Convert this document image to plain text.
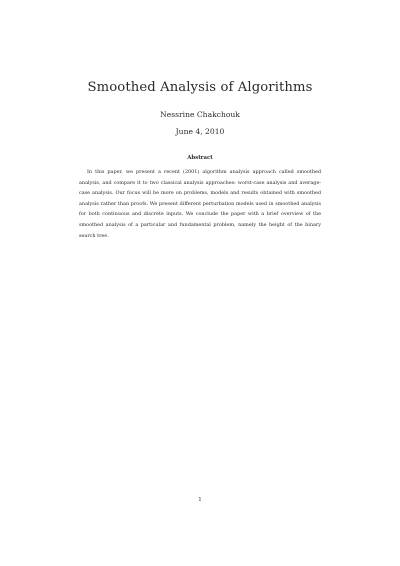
Smoothed Analysis of Algorithms
Nessrine Chakchouk
June 4, 2010
Abstract

In this paper, we present a recent (2001) algorithm analysis approach called smoothed analysis, and compare it to two classical analysis approaches: worst-case analysis and average-case analysis. Our focus will be more on problems, models and results obtained with smoothed analysis rather than proofs. We present different perturbation models used in smoothed analysis for both continuous and discrete inputs. We conclude the paper with a brief overview of the smoothed analysis of a particular and fundamental problem, namely the height of the binary search tree.

1
